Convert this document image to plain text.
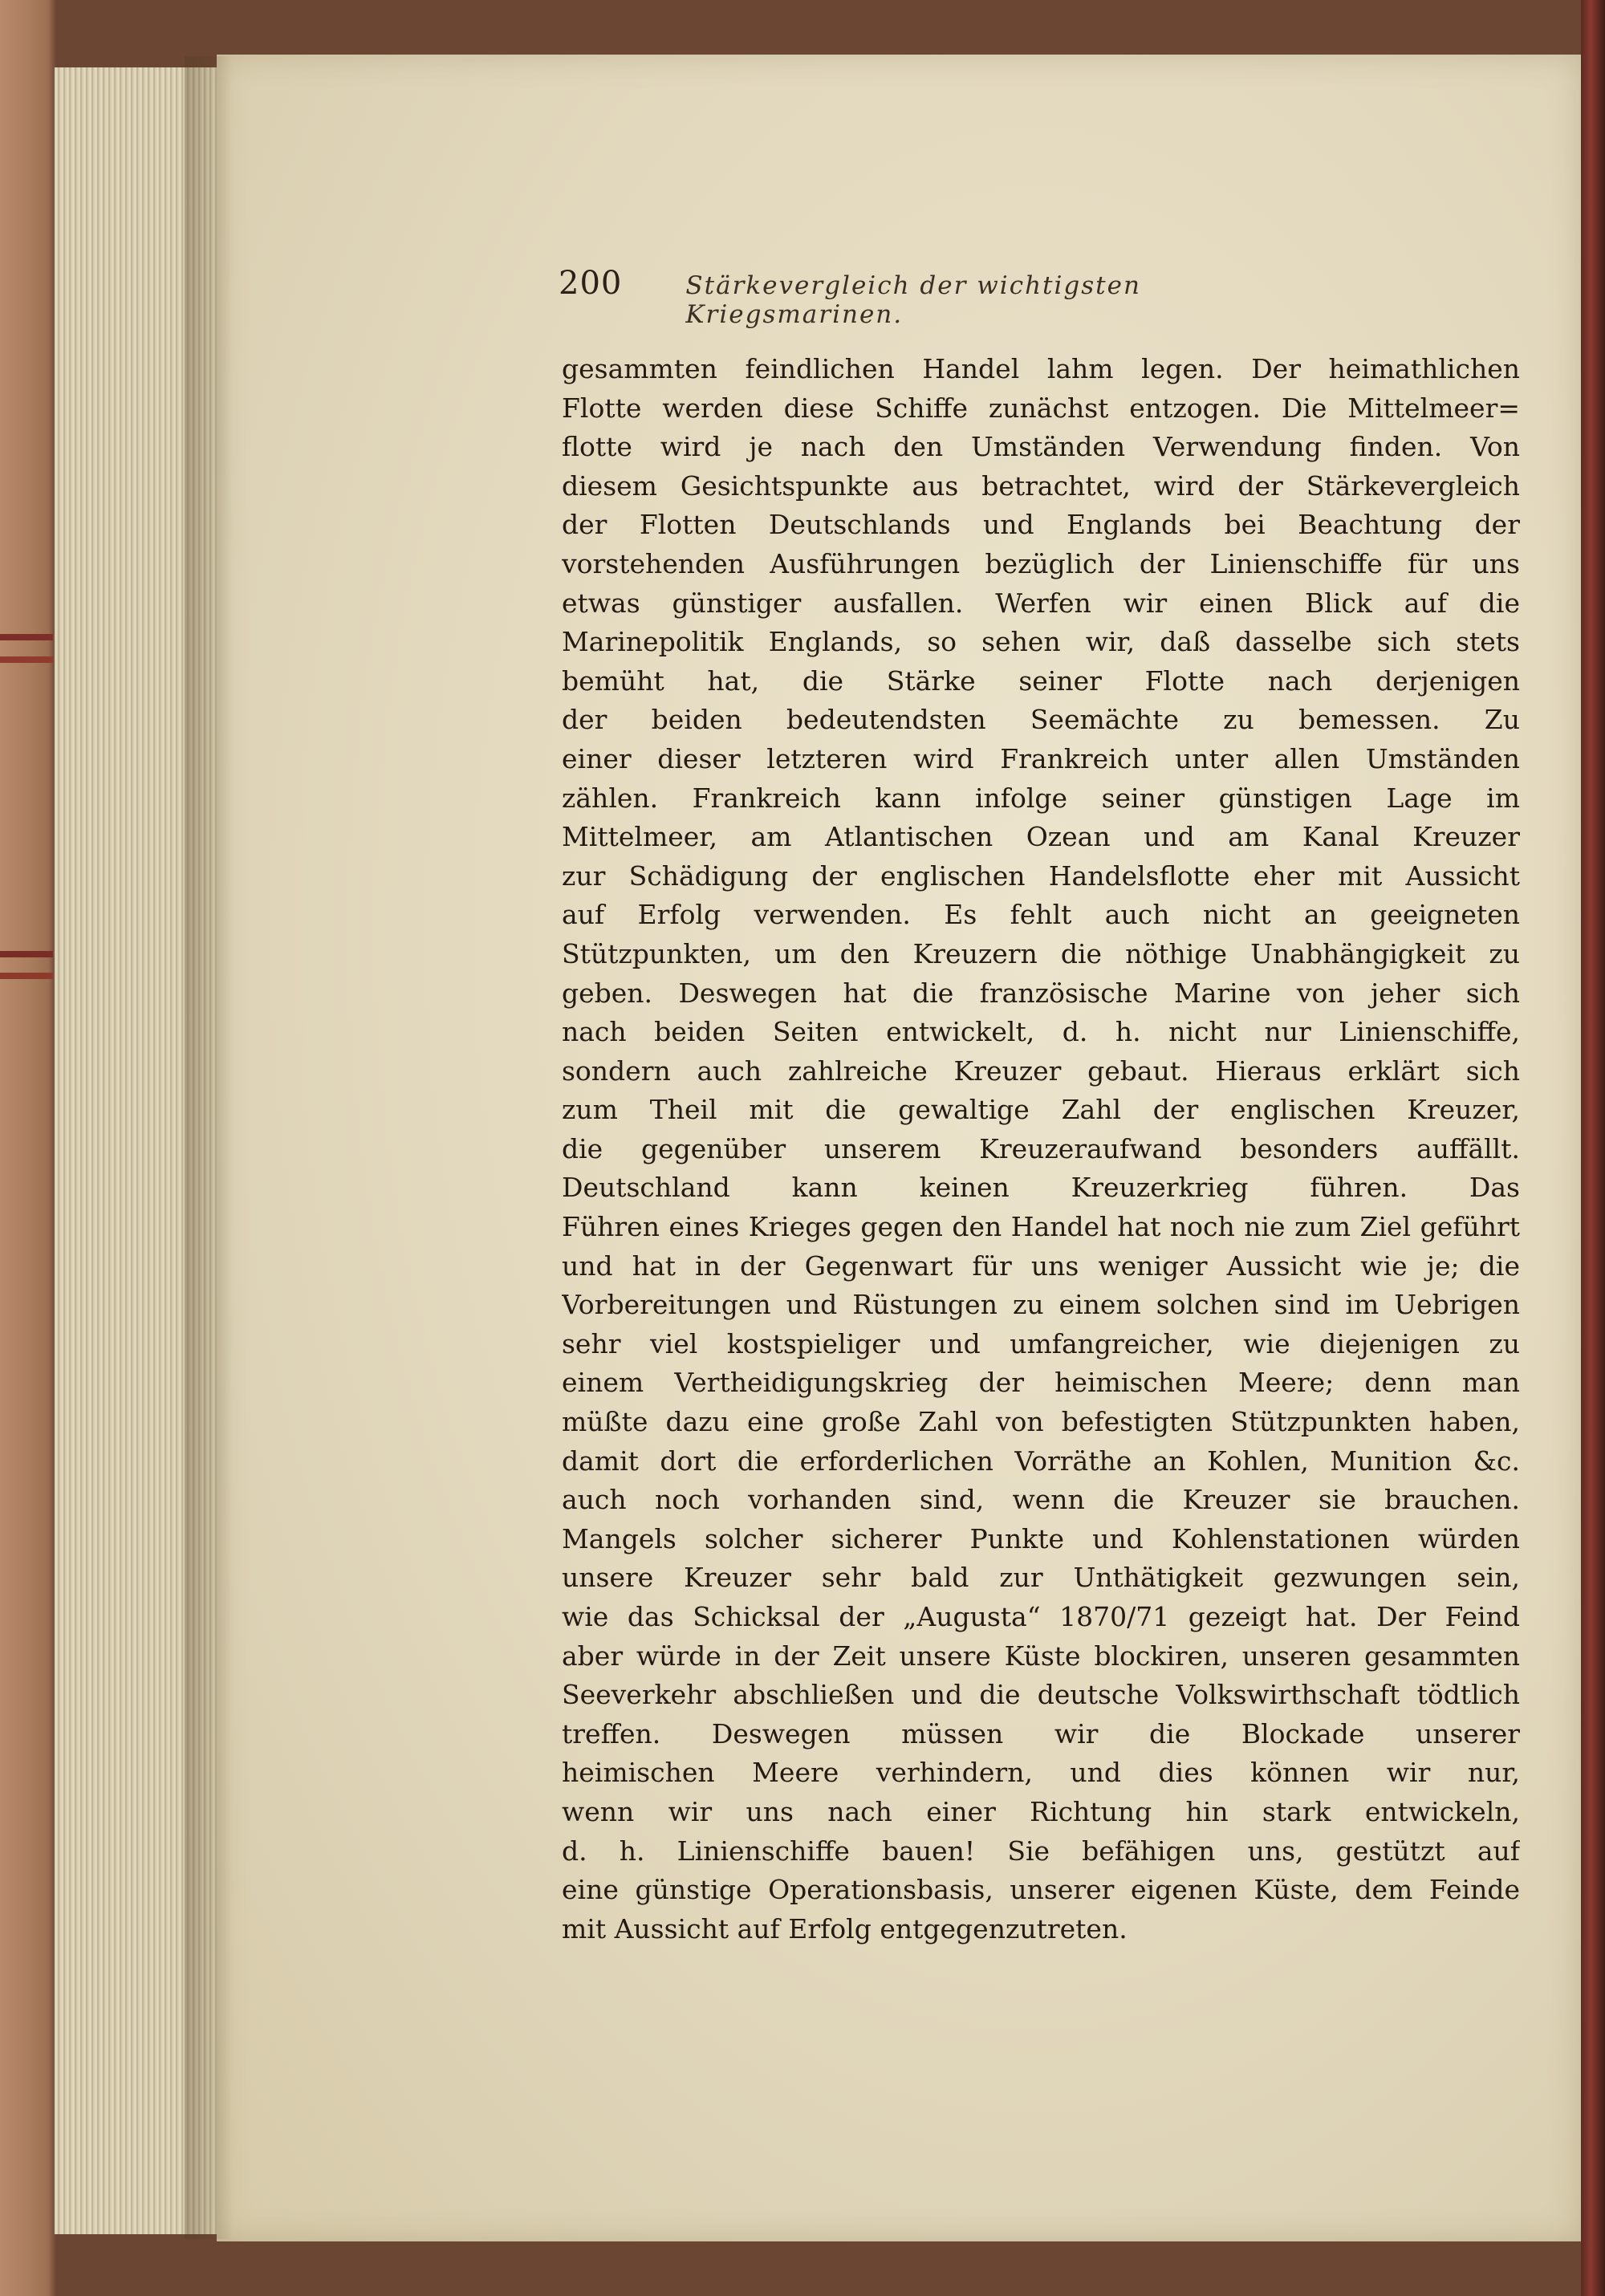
200	Stärkevergleich der wichtigsten Kriegsmarinen.
gesammten feindlichen Handel lahm legen. Der heimathlichen
Flotte werden diese Schiffe zunächst entzogen. Die Mittelmeer=
flotte wird je nach den Umständen Verwendung finden. Von
diesem Gesichtspunkte aus betrachtet, wird der Stärkevergleich
der Flotten Deutschlands und Englands bei Beachtung der
vorstehenden Ausführungen bezüglich der Linienschiffe für uns
etwas günstiger ausfallen. Werfen wir einen Blick auf die
Marinepolitik Englands, so sehen wir, daß dasselbe sich stets
bemüht hat, die Stärke seiner Flotte nach derjenigen
der beiden bedeutendsten Seemächte zu bemessen. Zu
einer dieser letzteren wird Frankreich unter allen Umständen
zählen. Frankreich kann infolge seiner günstigen Lage im
Mittelmeer, am Atlantischen Ozean und am Kanal Kreuzer
zur Schädigung der englischen Handelsflotte eher mit Aussicht
auf Erfolg verwenden. Es fehlt auch nicht an geeigneten
Stützpunkten, um den Kreuzern die nöthige Unabhängigkeit zu
geben. Deswegen hat die französische Marine von jeher sich
nach beiden Seiten entwickelt, d. h. nicht nur Linienschiffe,
sondern auch zahlreiche Kreuzer gebaut. Hieraus erklärt sich
zum Theil mit die gewaltige Zahl der englischen Kreuzer,
die gegenüber unserem Kreuzeraufwand besonders auffällt.
Deutschland kann keinen Kreuzerkrieg führen. Das
Führen eines Krieges gegen den Handel hat noch nie zum Ziel geführt
und hat in der Gegenwart für uns weniger Aussicht wie je; die
Vorbereitungen und Rüstungen zu einem solchen sind im Uebrigen
sehr viel kostspieliger und umfangreicher, wie diejenigen zu
einem Vertheidigungskrieg der heimischen Meere; denn man
müßte dazu eine große Zahl von befestigten Stützpunkten haben,
damit dort die erforderlichen Vorräthe an Kohlen, Munition &c.
auch noch vorhanden sind, wenn die Kreuzer sie brauchen.
Mangels solcher sicherer Punkte und Kohlenstationen würden
unsere Kreuzer sehr bald zur Unthätigkeit gezwungen sein,
wie das Schicksal der „Augusta“ 1870/71 gezeigt hat. Der Feind
aber würde in der Zeit unsere Küste blockiren, unseren gesammten
Seeverkehr abschließen und die deutsche Volkswirthschaft tödtlich
treffen. Deswegen müssen wir die Blockade unserer
heimischen Meere verhindern, und dies können wir nur,
wenn wir uns nach einer Richtung hin stark entwickeln,
d. h. Linienschiffe bauen! Sie befähigen uns, gestützt auf
eine günstige Operationsbasis, unserer eigenen Küste, dem Feinde
mit Aussicht auf Erfolg entgegenzutreten.
